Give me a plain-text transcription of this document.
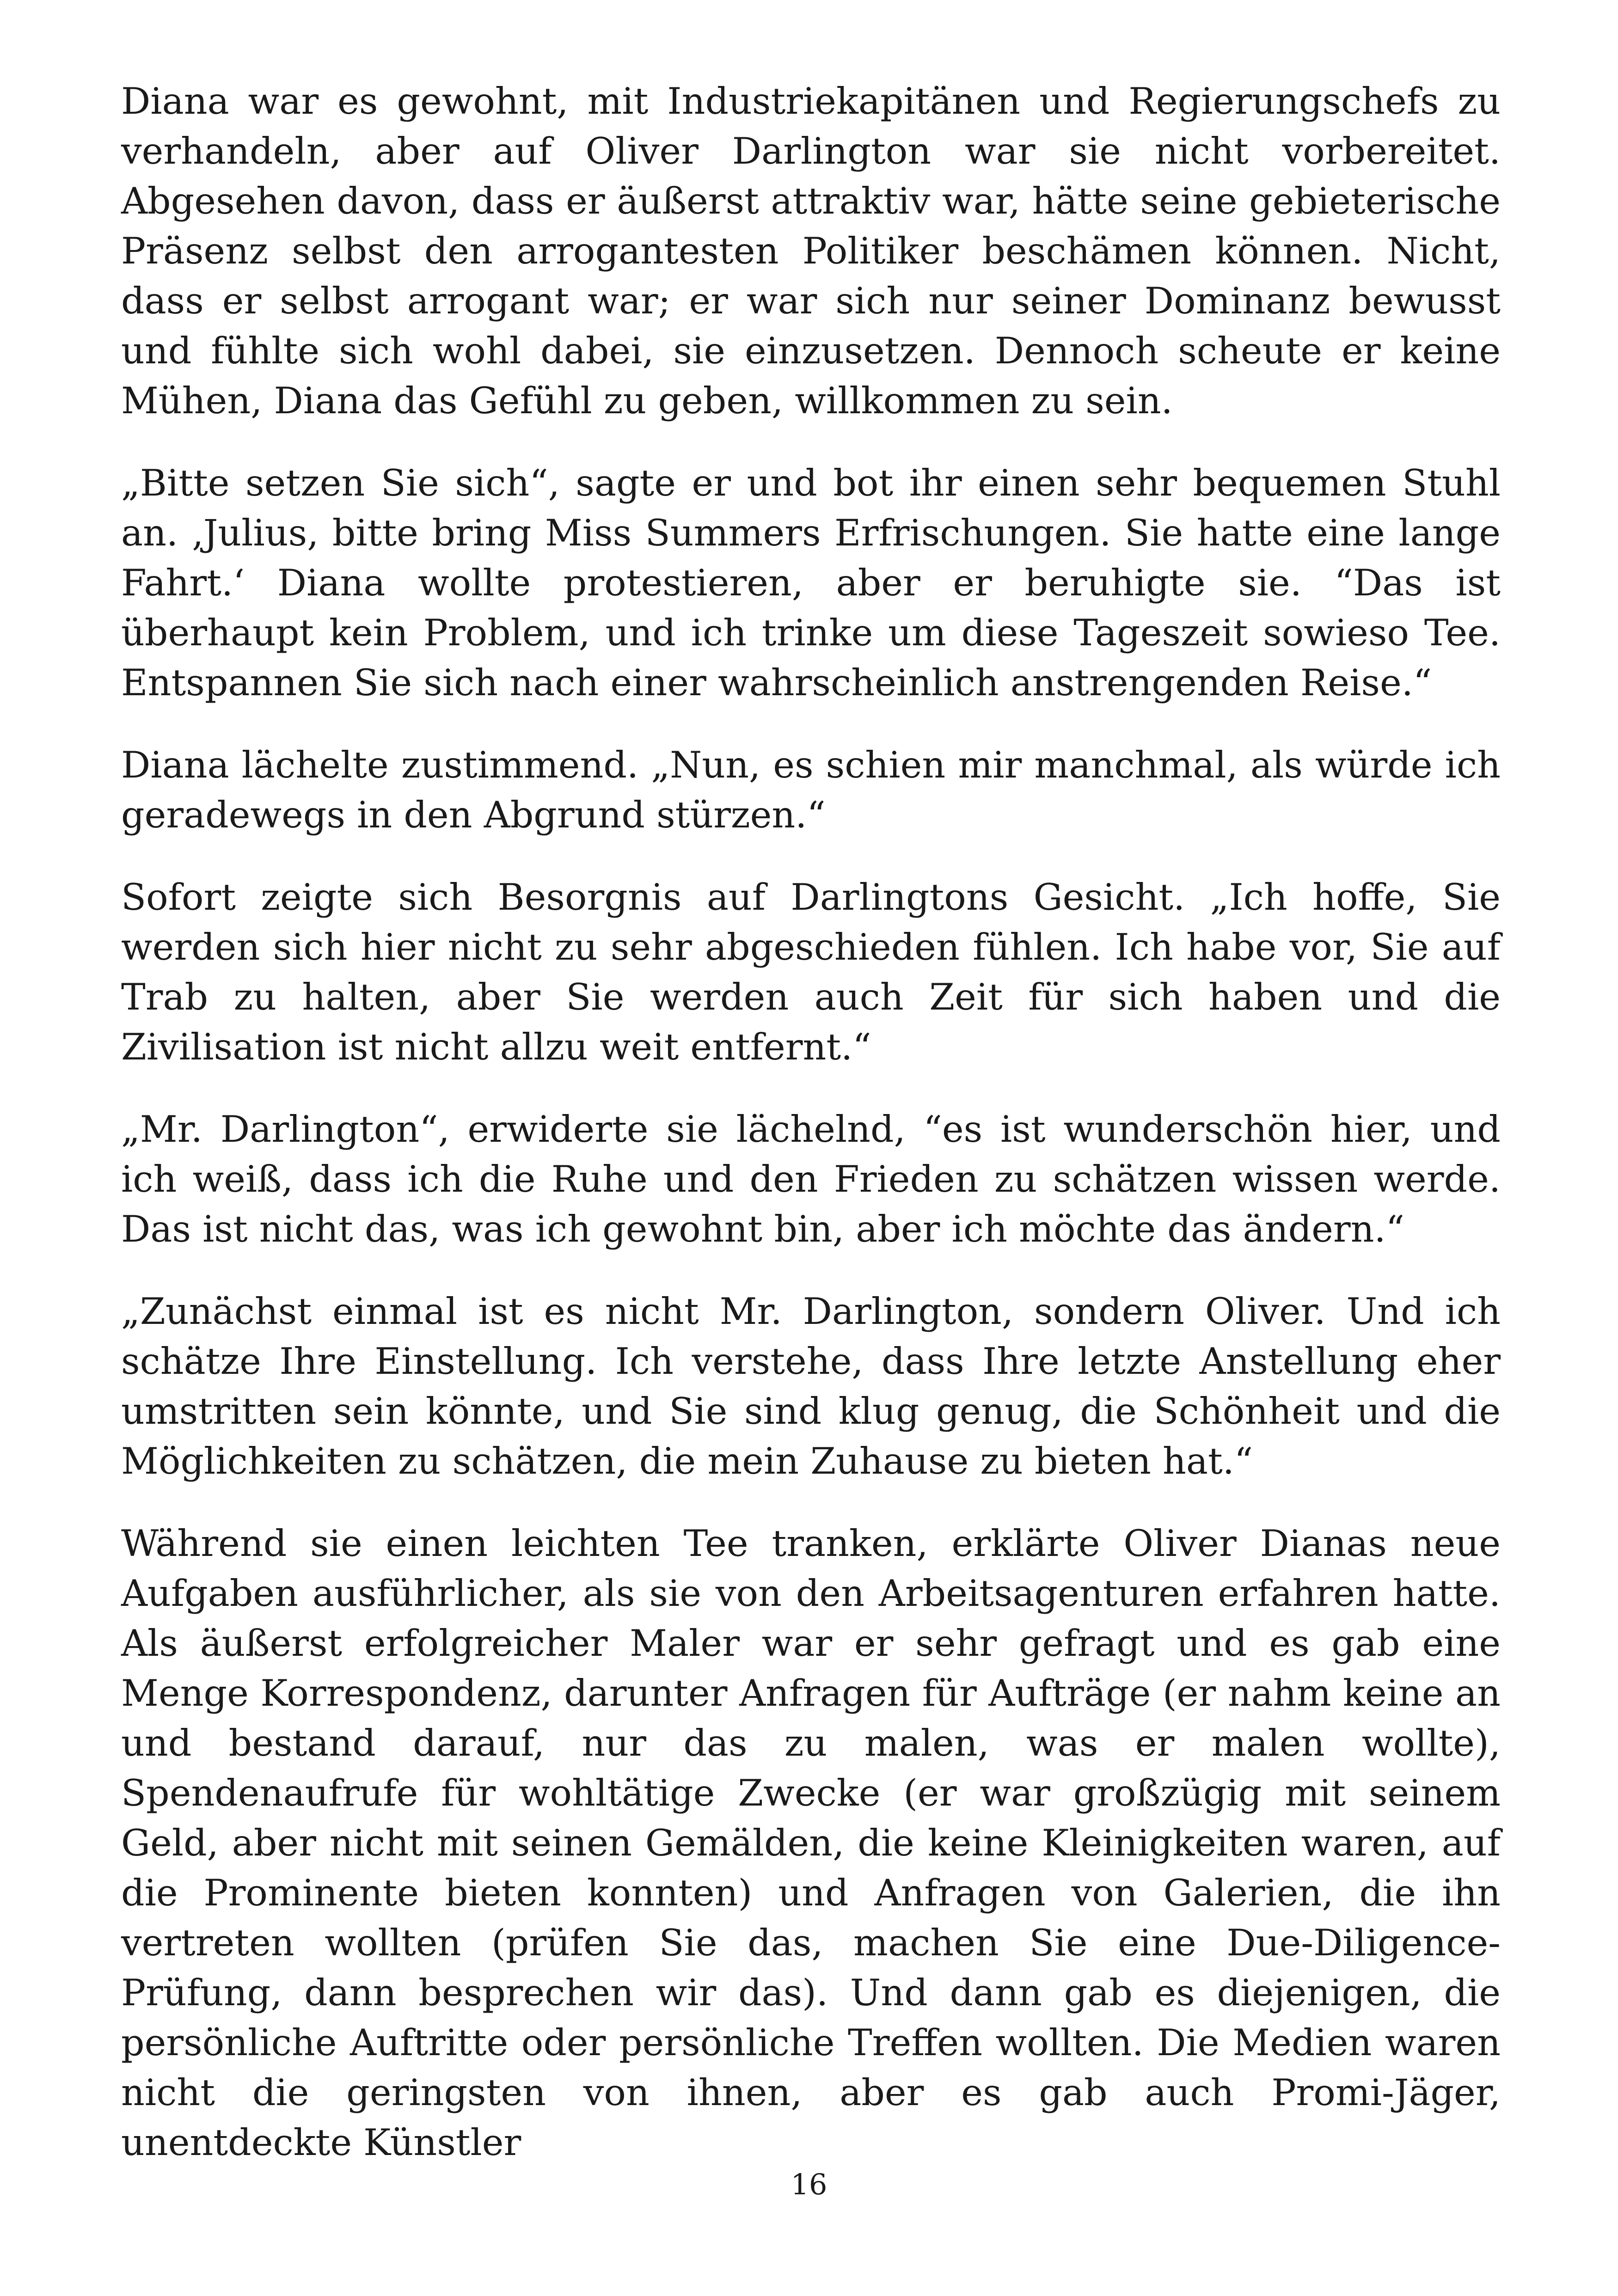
Diana war es gewohnt, mit Industriekapitänen und Regierungschefs zu verhandeln, aber auf Oliver Darlington war sie nicht vorbereitet. Abgesehen davon, dass er äußerst attraktiv war, hätte seine gebieterische Präsenz selbst den arrogantesten Politiker beschämen können. Nicht, dass er selbst arrogant war; er war sich nur seiner Dominanz bewusst und fühlte sich wohl dabei, sie einzusetzen. Dennoch scheute er keine Mühen, Diana das Gefühl zu geben, willkommen zu sein.

„Bitte setzen Sie sich“, sagte er und bot ihr einen sehr bequemen Stuhl an. ‚Julius, bitte bring Miss Summers Erfrischungen. Sie hatte eine lange Fahrt.‘ Diana wollte protestieren, aber er beruhigte sie. “Das ist überhaupt kein Problem, und ich trinke um diese Tageszeit sowieso Tee. Entspannen Sie sich nach einer wahrscheinlich anstrengenden Reise.“

Diana lächelte zustimmend. „Nun, es schien mir manchmal, als würde ich geradewegs in den Abgrund stürzen.“

Sofort zeigte sich Besorgnis auf Darlingtons Gesicht. „Ich hoffe, Sie werden sich hier nicht zu sehr abgeschieden fühlen. Ich habe vor, Sie auf Trab zu halten, aber Sie werden auch Zeit für sich haben und die Zivilisation ist nicht allzu weit entfernt.“

„Mr. Darlington“, erwiderte sie lächelnd, “es ist wunderschön hier, und ich weiß, dass ich die Ruhe und den Frieden zu schätzen wissen werde. Das ist nicht das, was ich gewohnt bin, aber ich möchte das ändern.“

„Zunächst einmal ist es nicht Mr. Darlington, sondern Oliver. Und ich schätze Ihre Einstellung. Ich verstehe, dass Ihre letzte Anstellung eher umstritten sein könnte, und Sie sind klug genug, die Schönheit und die Möglichkeiten zu schätzen, die mein Zuhause zu bieten hat.“

Während sie einen leichten Tee tranken, erklärte Oliver Dianas neue Aufgaben ausführlicher, als sie von den Arbeitsagenturen erfahren hatte. Als äußerst erfolgreicher Maler war er sehr gefragt und es gab eine Menge Korrespondenz, darunter Anfragen für Aufträge (er nahm keine an und bestand darauf, nur das zu malen, was er malen wollte), Spendenaufrufe für wohltätige Zwecke (er war großzügig mit seinem Geld, aber nicht mit seinen Gemälden, die keine Kleinigkeiten waren, auf die Prominente bieten konnten) und Anfragen von Galerien, die ihn vertreten wollten (prüfen Sie das, machen Sie eine Due-Diligence-Prüfung, dann besprechen wir das). Und dann gab es diejenigen, die persönliche Auftritte oder persönliche Treffen wollten. Die Medien waren nicht die geringsten von ihnen, aber es gab auch Promi-Jäger, unentdeckte Künstler

16
